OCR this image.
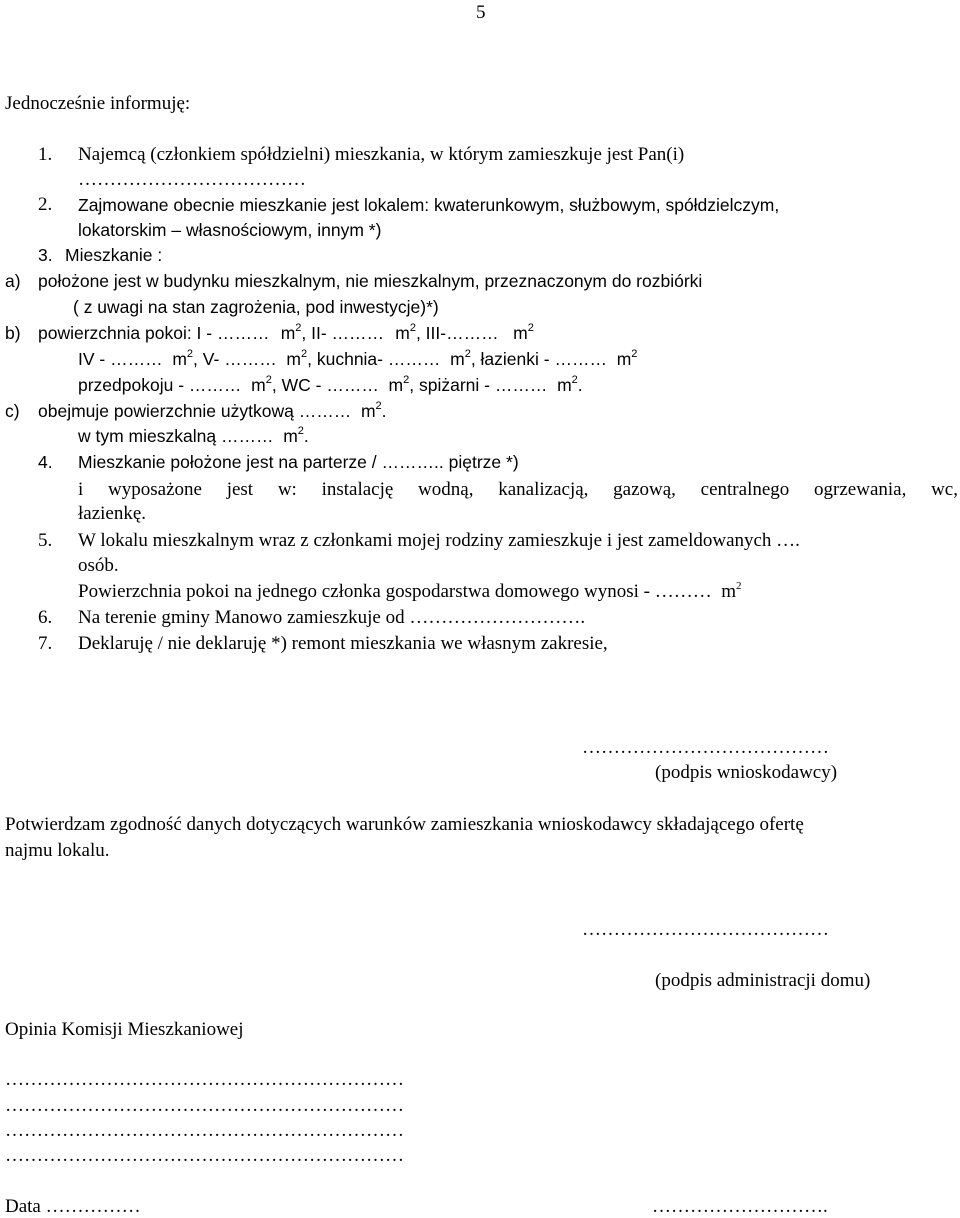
5
Jednocześnie informuję:
1. Najemcą (członkiem spółdzielni) mieszkania, w którym zamieszkuje jest Pan(i)
………………………………
2. Zajmowane obecnie mieszkanie jest lokalem: kwaterunkowym, służbowym, spółdzielczym,
lokatorskim – własnościowym, innym *)
3. Mieszkanie :
a) położone jest w budynku mieszkalnym, nie mieszkalnym, przeznaczonym do rozbiórki
( z uwagi na stan zagrożenia, pod inwestycje)*)
b) powierzchnia pokoi: I - ………  $m^2$, II- ………  $m^2$, III-……… $m^2$
IV - ……… $m^2$, V- ……… $m^2$, kuchnia- ……… $m^2$, łazienki - ……… $m^2$
przedpokoju - ……… $m^2$, WC - ……… $m^2$, spiżarni - ……… $m^2$.
c) obejmuje powierzchnie użytkową ……… $m^2$.
w tym mieszkalną ……… $m^2$.
4. Mieszkanie położone jest na parterze / ……….. piętrze *)
i wyposażone jest w: instalację wodną, kanalizacją, gazową, centralnego ogrzewania, wc,
łazienkę.
5. W lokalu mieszkalnym wraz z członkami mojej rodziny zamieszkuje i jest zameldowanych ….
osób.
Powierzchnia pokoi na jednego członka gospodarstwa domowego wynosi - ……… $m^2$
6. Na terenie gminy Manowo zamieszkuje od ……………………….
7. Deklaruję / nie deklaruję *) remont mieszkania we własnym zakresie,
…………………………………
(podpis wnioskodawcy)
Potwierdzam zgodność danych dotyczących warunków zamieszkania wnioskodawcy składającego ofertę
najmu lokalu.
…………………………………
(podpis administracji domu)
Opinia Komisji Mieszkaniowej
………………………………………………………
………………………………………………………
………………………………………………………
………………………………………………………
Data ……………	……………………….
